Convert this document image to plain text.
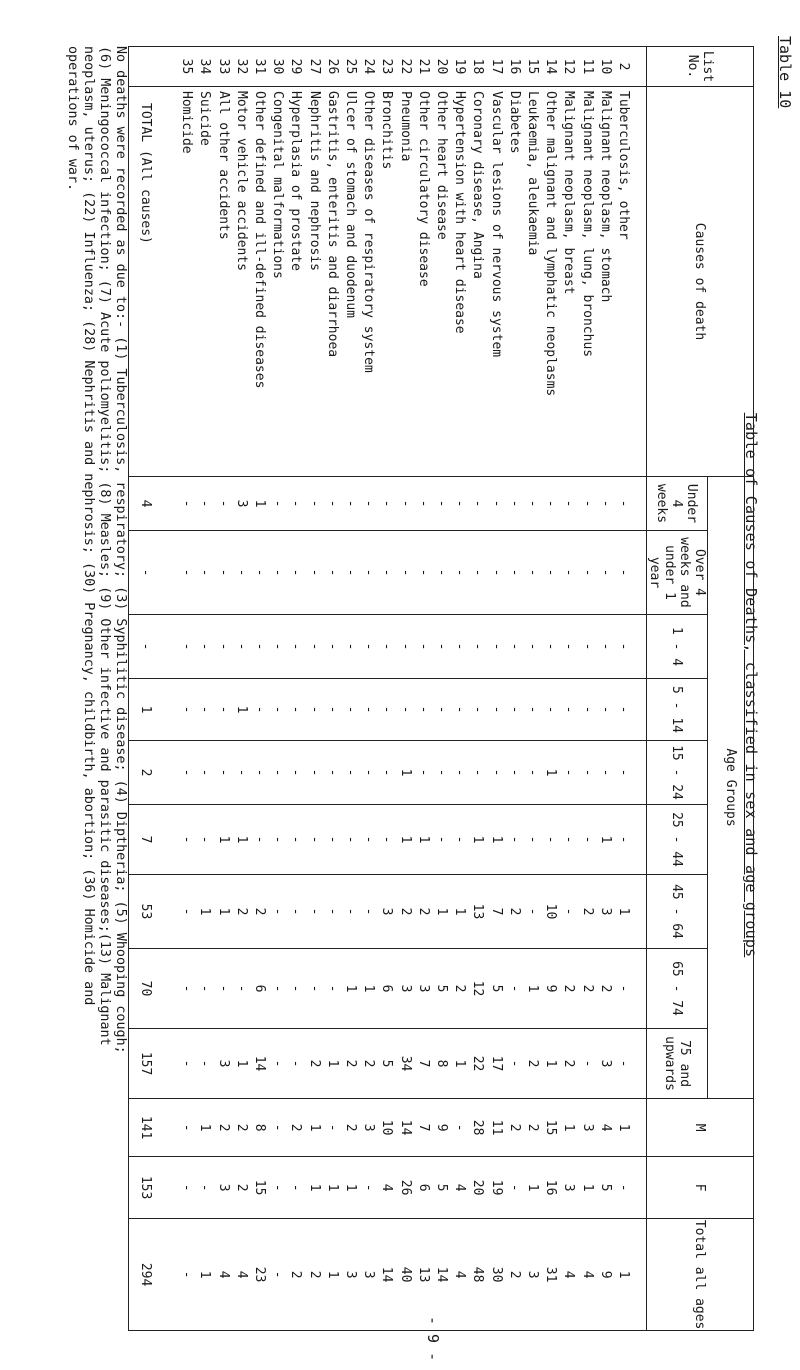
Table 10
Table of Causes of Deaths, classified in sex and age groups
List No.	Causes of death	Age Groups									M	F	Total all ages
		Under 4 weeks	Over 4 weeks and under 1 year	1 - 4	5 - 14	15 - 24	25 - 44	45 - 64	65 - 74	75 and upwards			

2	Tuberculosis, other	-	-	-	-	-	-	1	-	-	1	-	1
10	Malignant neoplasm, stomach	-	-	-	-	-	1	3	2	3	4	5	9
11	Malignant neoplasm, lung, bronchus	-	-	-	-	-	-	2	2	-	3	1	4
12	Malignant neoplasm, breast	-	-	-	-	-	-	-	2	2	1	3	4
14	Other malignant and lymphatic neoplasms	-	-	-	-	1	-	10	9	1	15	16	31
15	Leukaemia, aleukaemia	-	-	-	-	-	-	-	1	2	2	1	3
16	Diabetes	-	-	-	-	-	-	2	-	-	2	-	2
17	Vascular lesions of nervous system	-	-	-	-	-	1	7	5	17	11	19	30
18	Coronary disease, Angina	-	-	-	-	-	1	13	12	22	28	20	48
19	Hypertension with heart disease	-	-	-	-	-	-	1	2	1	-	4	4
20	Other heart disease	-	-	-	-	-	-	1	5	8	9	5	14
21	Other circulatory disease	-	-	-	-	-	1	2	3	7	7	6	13
22	Pneumonia	-	-	-	-	1	1	2	3	34	14	26	40
23	Bronchitis	-	-	-	-	-	-	3	6	5	10	4	14
24	Other diseases of respiratory system	-	-	-	-	-	-	-	1	2	3	-	3
25	Ulcer of stomach and duodenum	-	-	-	-	-	-	-	1	2	2	1	3
26	Gastritis, enteritis and diarrhoea	-	-	-	-	-	-	-	-	1	-	1	1
27	Nephritis and nephrosis	-	-	-	-	-	-	-	-	2	1	1	2
29	Hyperplasia of prostate	-	-	-	-	-	-	-	-	-	2	-	2
30	Congenital malformations	-	-	-	-	-	-	-	-	-	-	-	-
31	Other defined and ill-defined diseases	1	-	-	-	-	-	2	6	14	8	15	23
32	Motor vehicle accidents	3	-	-	1	-	1	2	-	1	2	2	4
33	All other accidents	-	-	-	-	-	1	1	-	3	2	3	4
34	Suicide	-	-	-	-	-	-	1	-	-	1	-	1
35	Homicide	-	-	-	-	-	-	-	-	-	-	-	-

	TOTAL (All causes)	4	-	-	1	2	7	53	70	157	141	153	294
No deaths were recorded as due to:- (1) Tuberculosis, respiratory; (3) Syphilitic disease; (4) Diptheria; (5) Whooping cough;
(6) Meningococcal infection; (7) Acute poliomyelitis; (8) Measles; (9) Other infective and parasitic diseases;(13) Malignant
neoplasm, uterus; (22) Influenza; (28) Nephritis and nephrosis; (30) Pregnancy, childbirth, abortion; (36) Homicide and
operations of war.
- 9 -
